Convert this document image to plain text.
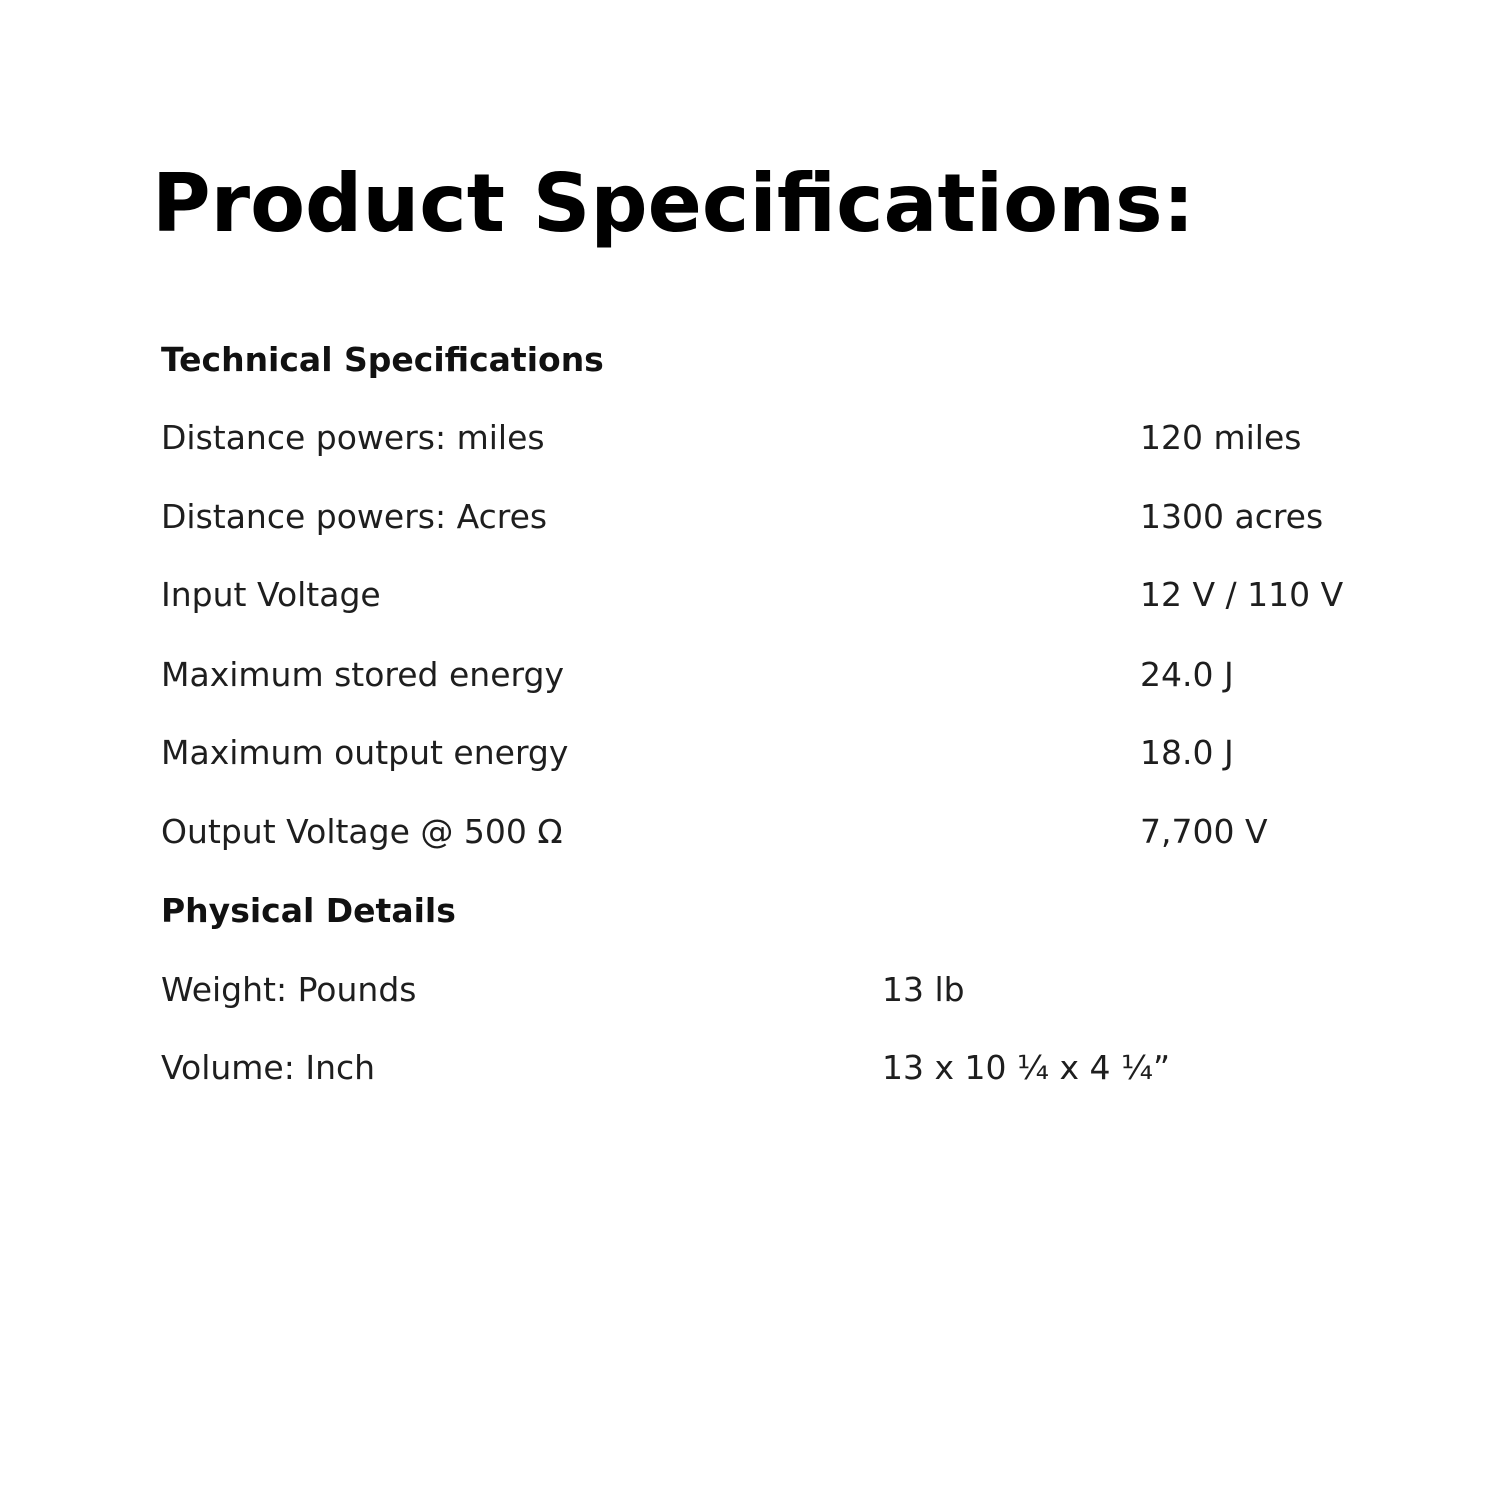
Product Specifications:
Technical Specifications
Distance powers: miles	120 miles
Distance powers: Acres	1300 acres
Input Voltage	12 V / 110 V
Maximum stored energy	24.0 J
Maximum output energy	18.0 J
Output Voltage @ 500 Ω	7,700 V
Physical Details
Weight: Pounds	13 lb
Volume: Inch	13 x 10 ¼ x 4 ¼”
